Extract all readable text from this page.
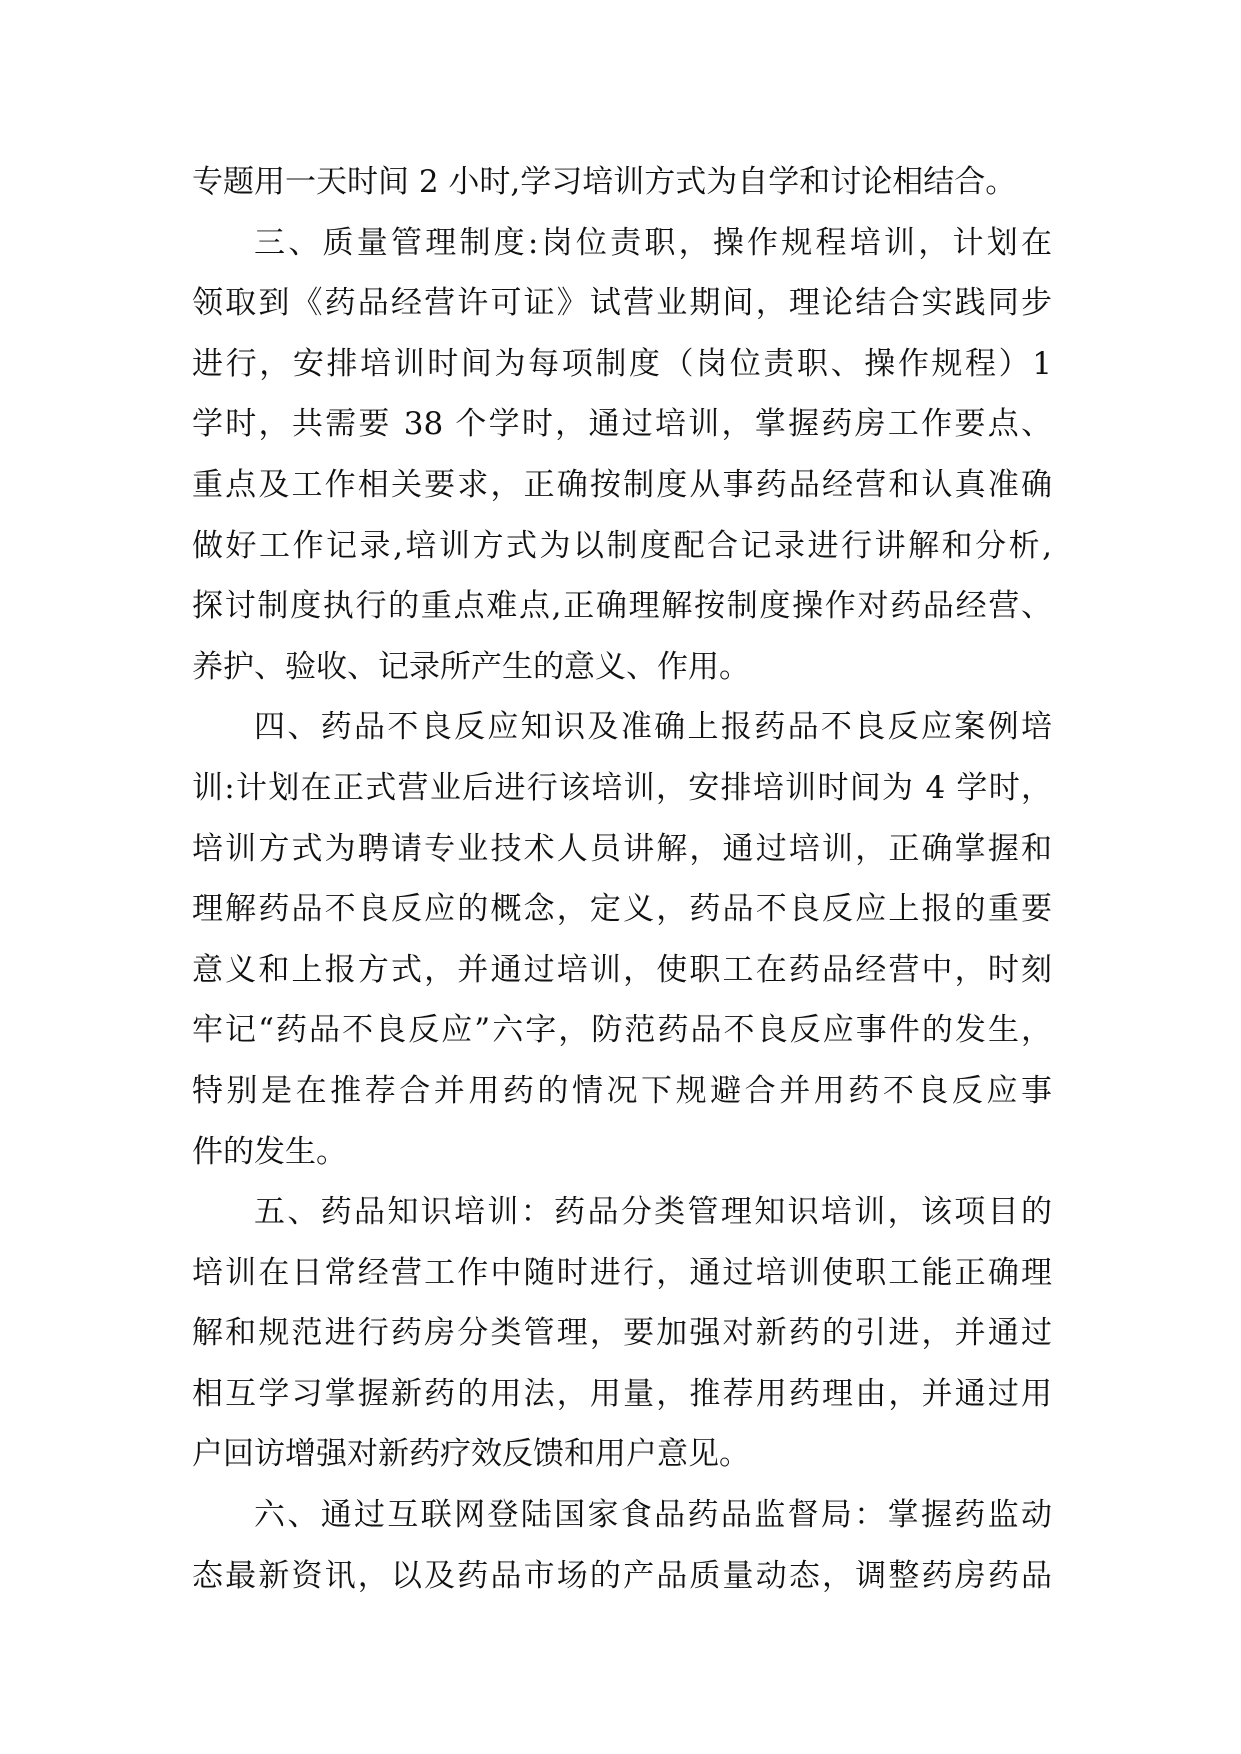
专题用一天时间 2 小时,学习培训方式为自学和讨论相结合。
三、质量管理制度:岗位责职，操作规程培训，计划在
领取到《药品经营许可证》试营业期间，理论结合实践同步
进行，安排培训时间为每项制度（岗位责职、操作规程）1
学时，共需要 38 个学时，通过培训，掌握药房工作要点、
重点及工作相关要求，正确按制度从事药品经营和认真准确
做好工作记录,培训方式为以制度配合记录进行讲解和分析,
探讨制度执行的重点难点,正确理解按制度操作对药品经营、
养护、验收、记录所产生的意义、作用。
四、药品不良反应知识及准确上报药品不良反应案例培
训:计划在正式营业后进行该培训，安排培训时间为 4 学时，
培训方式为聘请专业技术人员讲解，通过培训，正确掌握和
理解药品不良反应的概念，定义，药品不良反应上报的重要
意义和上报方式，并通过培训，使职工在药品经营中，时刻
牢记“药品不良反应”六字，防范药品不良反应事件的发生，
特别是在推荐合并用药的情况下规避合并用药不良反应事
件的发生。
五、药品知识培训：药品分类管理知识培训，该项目的
培训在日常经营工作中随时进行，通过培训使职工能正确理
解和规范进行药房分类管理，要加强对新药的引进，并通过
相互学习掌握新药的用法，用量，推荐用药理由，并通过用
户回访增强对新药疗效反馈和用户意见。
六、通过互联网登陆国家食品药品监督局：掌握药监动
态最新资讯，以及药品市场的产品质量动态，调整药房药品
